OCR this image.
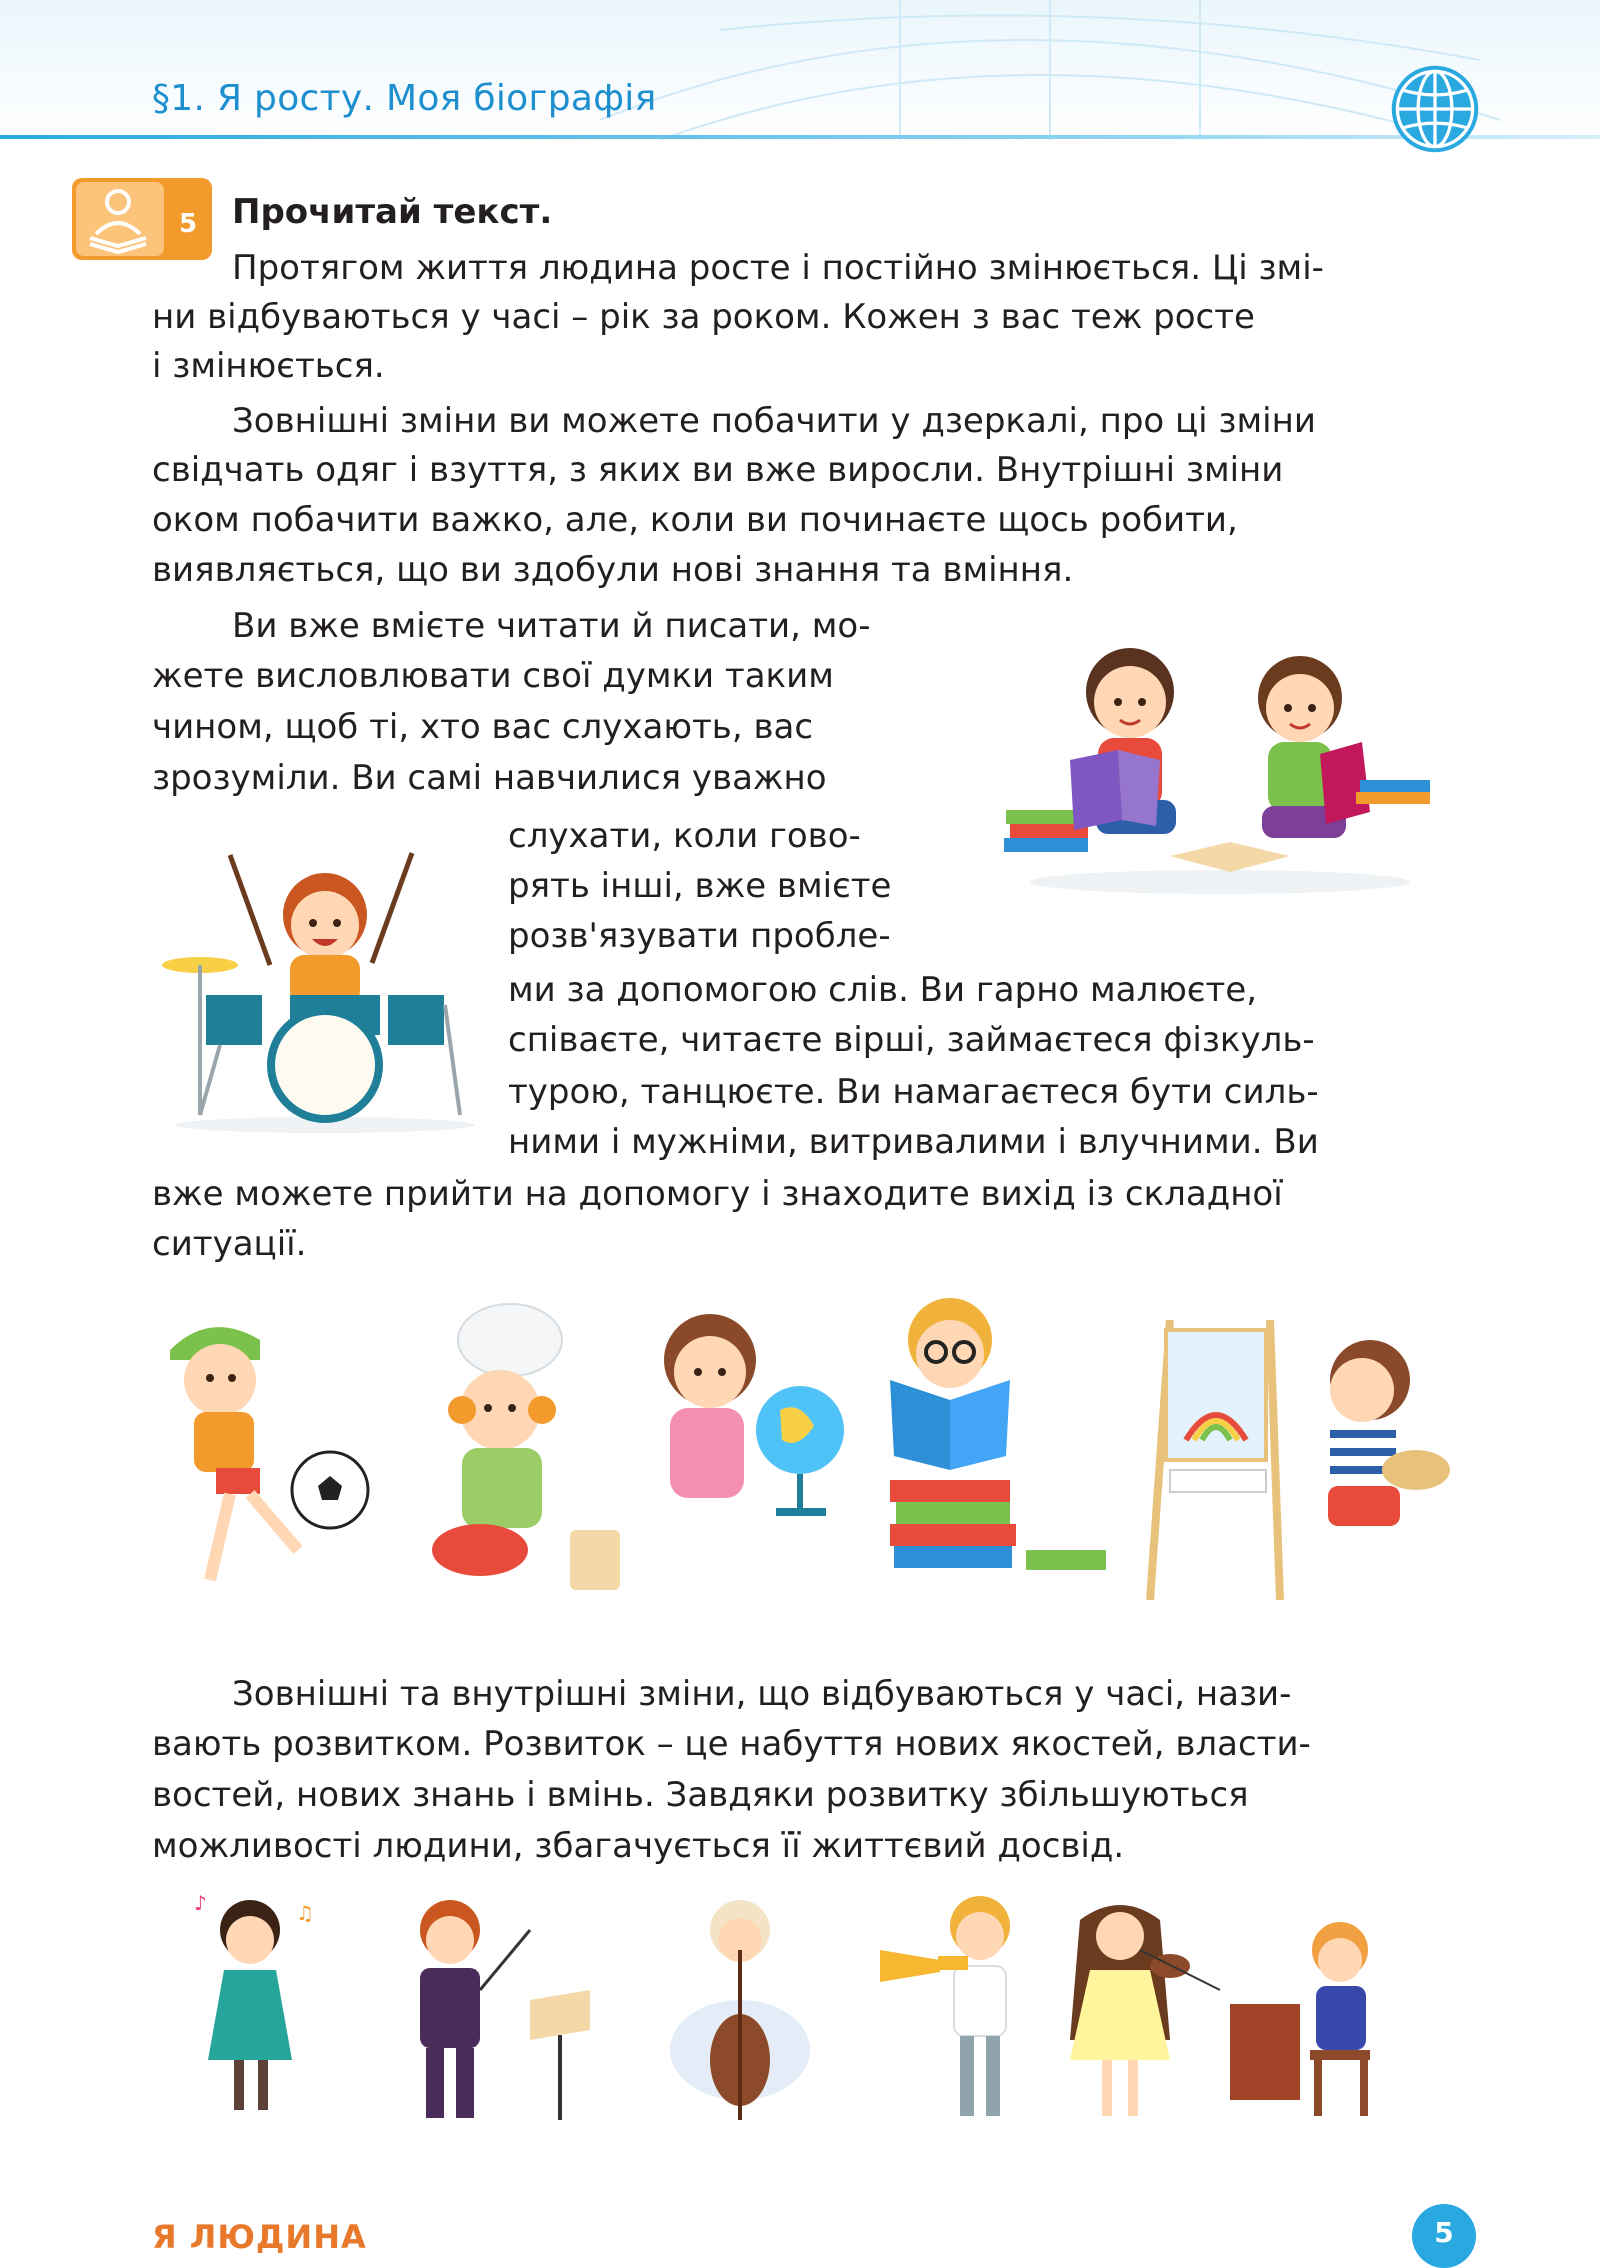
§1. Я росту. Моя біографія
5 Прочитай текст.

Протягом життя людина росте і постійно змінюється. Ці змі-

ни відбуваються у часі – рік за роком. Кожен з вас теж росте

і змінюється.

Зовнішні зміни ви можете побачити у дзеркалі, про ці зміни

свідчать одяг і взуття, з яких ви вже виросли. Внутрішні зміни

оком побачити важко, але, коли ви починаєте щось робити,

виявляється, що ви здобули нові знання та вміння.

Ви вже вмієте читати й писати, мо-

жете висловлювати свої думки таким

чином, щоб ті, хто вас слухають, вас

зрозуміли. Ви самі навчилися уважно

слухати, коли гово-

рять інші, вже вмієте

розв'язувати пробле-

ми за допомогою слів. Ви гарно малюєте,

співаєте, читаєте вірші, займаєтеся фізкуль-

турою, танцюєте. Ви намагаєтеся бути силь-

ними і мужніми, витривалими і влучними. Ви

вже можете прийти на допомогу і знаходите вихід із складної

ситуації.

Зовнішні та внутрішні зміни, що відбуваються у часі, нази-

вають розвитком. Розвиток – це набуття нових якостей, власти-

востей, нових знань і вмінь. Завдяки розвитку збільшуються

можливості людини, збагачується її життєвий досвід.

♪	♫
Я ЛЮДИНА	5
